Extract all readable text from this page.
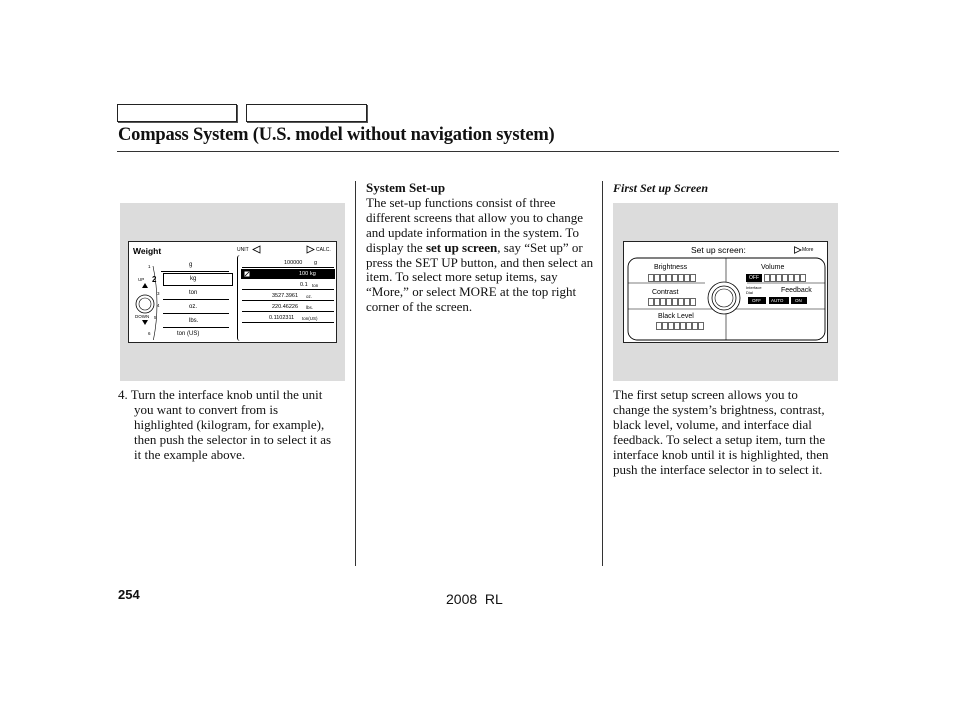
Compass System (U.S. model without navigation system)
Weight	UNIT	CALC.
UP
DOWN
2
1
3
4
5
6
g
kg
ton
oz.
lbs.
ton (US)
100000 g
100 kg
0.1 ton
3527.3961 oz.
220.46226 lbs.
0.1102311 ton(US)
Set up screen:	More
Brightness	Volume
OFF
Contrast
Black Level
Interface Dial	Feedback
OFF AUTO	ON
4. Turn the interface knob until the unit you want to convert from is highlighted (kilogram, for example), then push the selector in to select it as it the example above.
System Set-up
The set-up functions consist of three different screens that allow you to change and update information in the system. To display the set up screen, say “Set up” or press the SET UP button, and then select an item. To select more setup items, say “More,” or select MORE at the top right corner of the screen.
First Set up Screen
The first setup screen allows you to change the system’s brightness, contrast, black level, volume, and interface dial feedback. To select a setup item, turn the interface knob until it is highlighted, then push the interface selector in to select it.
254	2008  RL
